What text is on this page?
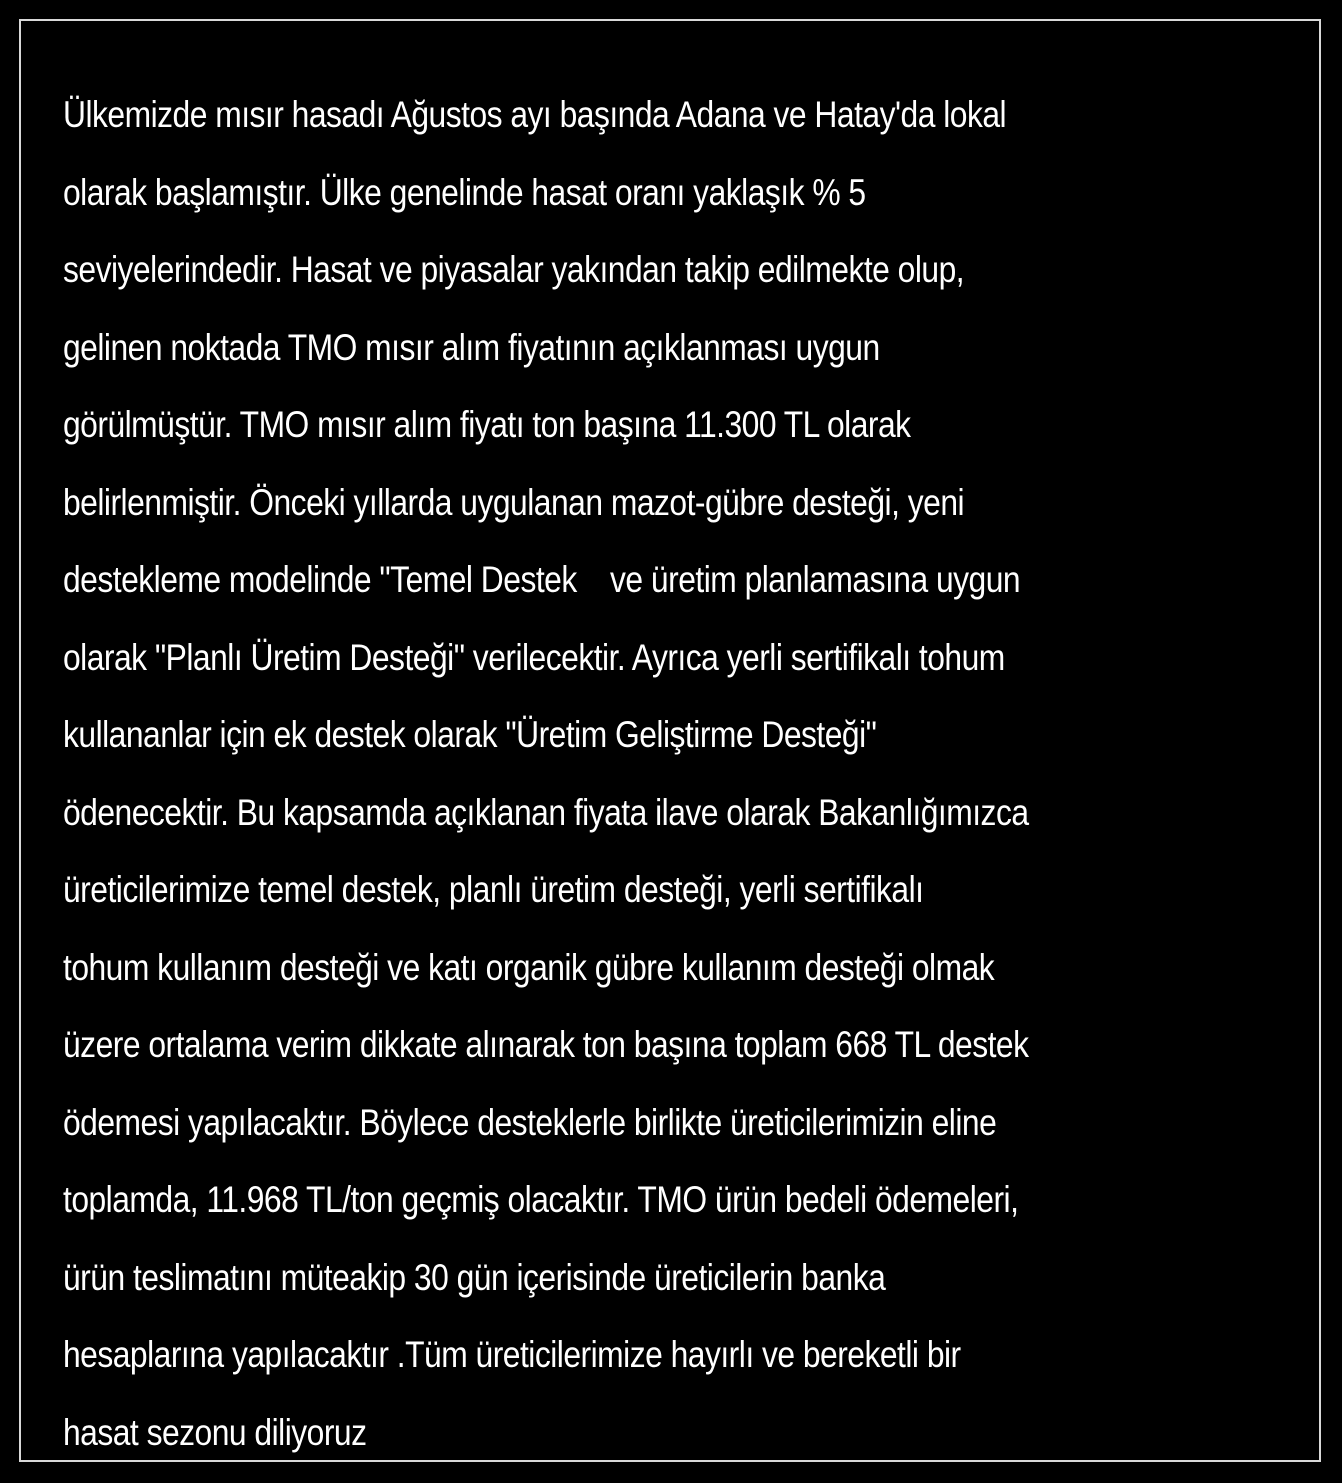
Ülkemizde mısır hasadı Ağustos ayı başında Adana ve Hatay'da lokal
olarak başlamıştır. Ülke genelinde hasat oranı yaklaşık % 5
seviyelerindedir. Hasat ve piyasalar yakından takip edilmekte olup,
gelinen noktada TMO mısır alım fiyatının açıklanması uygun
görülmüştür. TMO mısır alım fiyatı ton başına 11.300 TL olarak
belirlenmiştir. Önceki yıllarda uygulanan mazot-gübre desteği, yeni
destekleme modelinde "Temel Destek    ve üretim planlamasına uygun
olarak "Planlı Üretim Desteği" verilecektir. Ayrıca yerli sertifikalı tohum
kullananlar için ek destek olarak "Üretim Geliştirme Desteği"
ödenecektir. Bu kapsamda açıklanan fiyata ilave olarak Bakanlığımızca
üreticilerimize temel destek, planlı üretim desteği, yerli sertifikalı
tohum kullanım desteği ve katı organik gübre kullanım desteği olmak
üzere ortalama verim dikkate alınarak ton başına toplam 668 TL destek
ödemesi yapılacaktır. Böylece desteklerle birlikte üreticilerimizin eline
toplamda, 11.968 TL/ton geçmiş olacaktır. TMO ürün bedeli ödemeleri,
ürün teslimatını müteakip 30 gün içerisinde üreticilerin banka
hesaplarına yapılacaktır .Tüm üreticilerimize hayırlı ve bereketli bir
hasat sezonu diliyoruz
